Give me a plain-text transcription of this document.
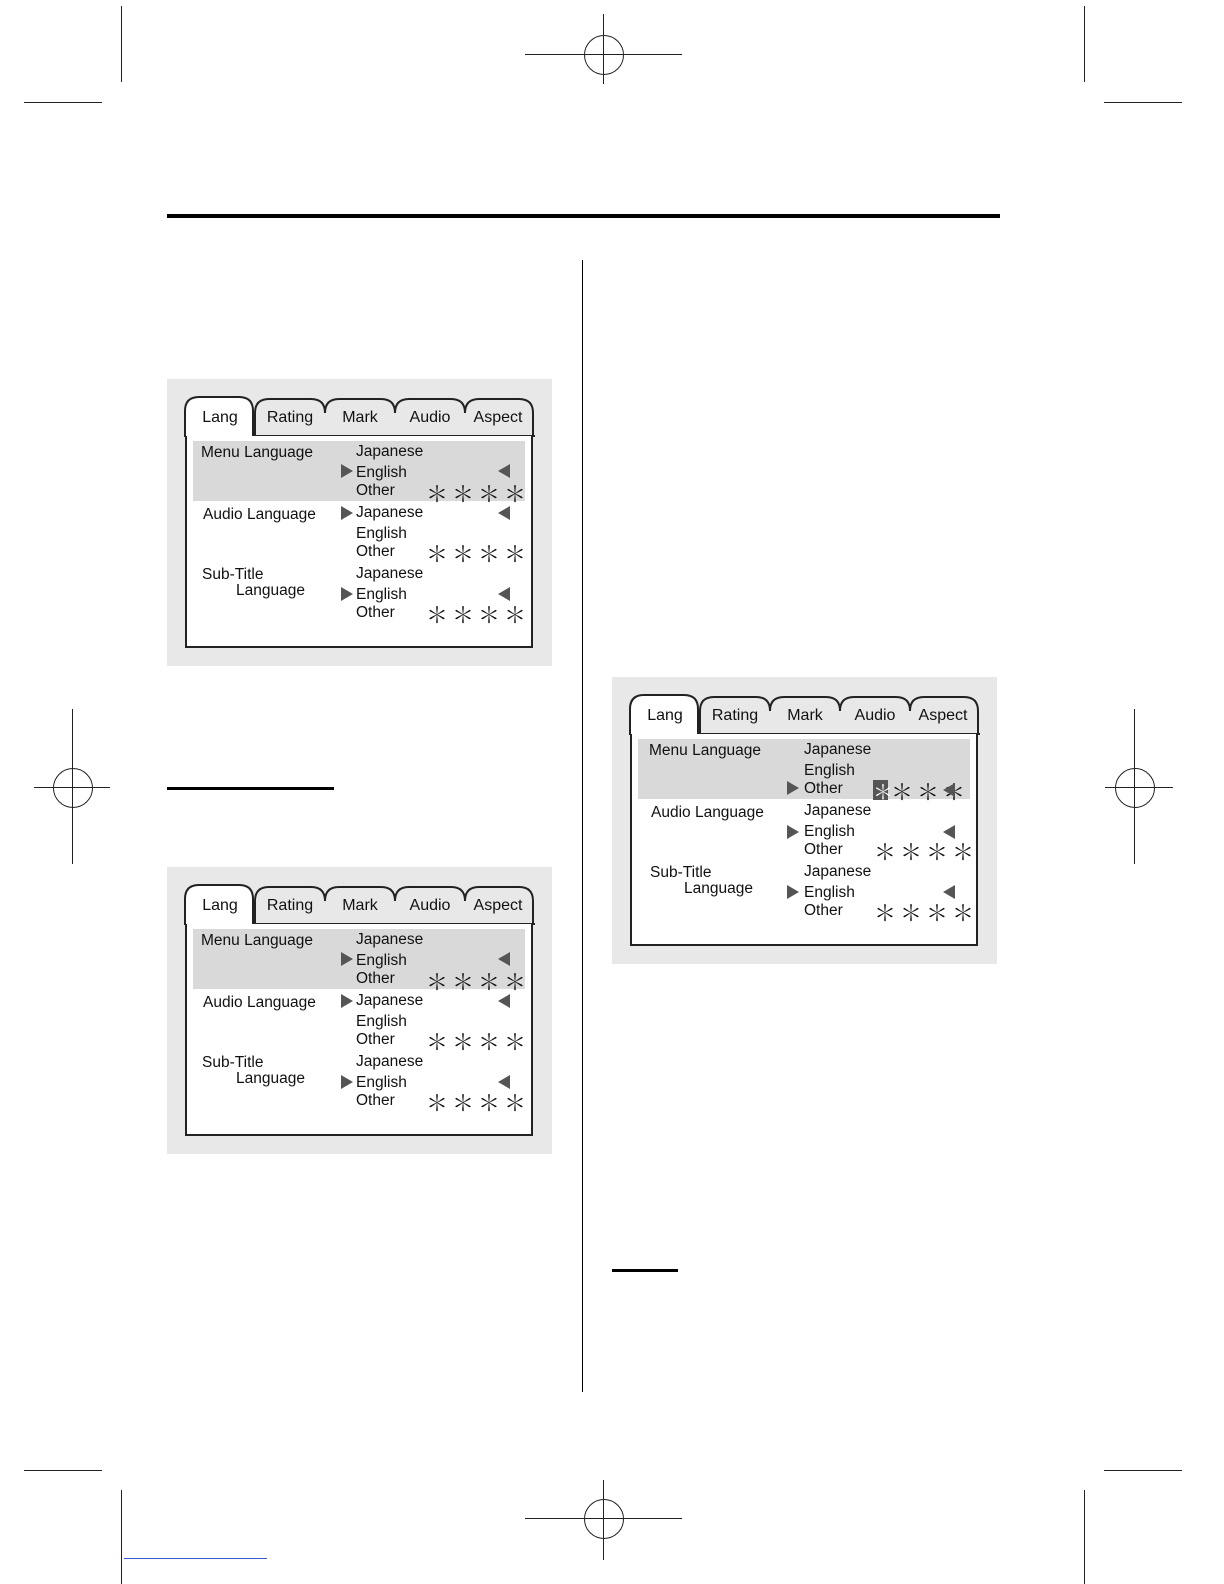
Lang	Rating	Mark	Audio	Aspect
Menu Language	Japanese
English
Other ＊＊＊＊
Audio Language	Japanese
English
Other ＊＊＊＊
Sub-Title
Language
Japanese
English
Other ＊＊＊＊
Lang	Rating	Mark	Audio	Aspect
Menu Language	Japanese
English
Other ＊＊＊＊
Audio Language	Japanese
English
Other ＊＊＊＊
Sub-Title
Language
Japanese
English
Other ＊＊＊＊
Lang	Rating	Mark	Audio	Aspect
Menu Language	Japanese
English
Other ＊
＊＊＊
Audio Language	Japanese
English
Other ＊＊＊＊
Sub-Title
Language
Japanese
English
Other ＊＊＊＊
